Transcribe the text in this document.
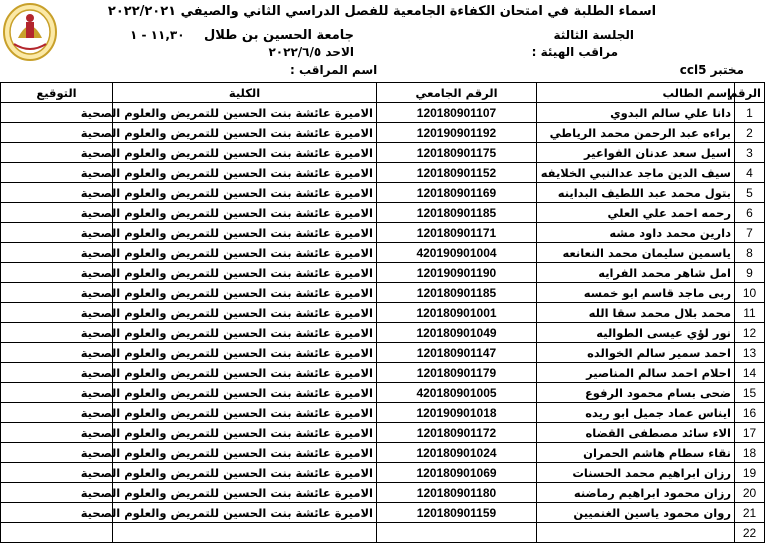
اسماء الطلبة في امتحان الكفاءة الجامعية للفصل الدراسي الثاني والصيفي ٢٠٢٢/٢٠٢١
جامعة الحسين بن طلال	الجلسة الثالثة
١١,٣٠ - ١
الاحد ٢٠٢٢/٦/٥	مراقب الهيئة :
مختبر ccl5
اسم المراقب :
الرقم	إسم الطالب	الرقم الجامعي	الكلية	التوقيع
1	دانا علي سالم البدوي	120180901107	الاميرة عائشة بنت الحسين للتمريض والعلوم الصحية	
2	براءه عبد الرحمن محمد الرياطي	120190901192	الاميرة عائشة بنت الحسين للتمريض والعلوم الصحية	
3	اسيل سعد عدنان الفواعير	120180901175	الاميرة عائشة بنت الحسين للتمريض والعلوم الصحية	
4	سيف الدين ماجد عدالنبي الخلايفه	120180901152	الاميرة عائشة بنت الحسين للتمريض والعلوم الصحية	
5	بتول محمد عبد اللطيف البداينه	120180901169	الاميرة عائشة بنت الحسين للتمريض والعلوم الصحية	
6	رحمه احمد علي العلي	120180901185	الاميرة عائشة بنت الحسين للتمريض والعلوم الصحية	
7	دارين محمد داود مشه	120180901171	الاميرة عائشة بنت الحسين للتمريض والعلوم الصحية	
8	ياسمين سليمان محمد النعانعه	420190901004	الاميرة عائشة بنت الحسين للتمريض والعلوم الصحية	
9	امل شاهر محمد الفرايه	120190901190	الاميرة عائشة بنت الحسين للتمريض والعلوم الصحية	
10	ربى ماجد قاسم ابو خمسه	120180901185	الاميرة عائشة بنت الحسين للتمريض والعلوم الصحية	
11	محمد بلال محمد سقا الله	120180901001	الاميرة عائشة بنت الحسين للتمريض والعلوم الصحية	
12	نور لؤي عيسى الطواليه	120180901049	الاميرة عائشة بنت الحسين للتمريض والعلوم الصحية	
13	احمد سمير سالم الخوالده	120180901147	الاميرة عائشة بنت الحسين للتمريض والعلوم الصحية	
14	احلام احمد سالم المناصير	120180901179	الاميرة عائشة بنت الحسين للتمريض والعلوم الصحية	
15	ضحى بسام محمود الرفوع	420180901005	الاميرة عائشة بنت الحسين للتمريض والعلوم الصحية	
16	ايناس عماد جميل ابو ريده	120190901018	الاميرة عائشة بنت الحسين للتمريض والعلوم الصحية	
17	الاء سائد مصطفى القضاه	120180901172	الاميرة عائشة بنت الحسين للتمريض والعلوم الصحية	
18	نقاء سطام هاشم الحمران	120180901024	الاميرة عائشة بنت الحسين للتمريض والعلوم الصحية	
19	رزان ابراهيم محمد الحسنات	120180901069	الاميرة عائشة بنت الحسين للتمريض والعلوم الصحية	
20	رزان محمود ابراهيم رماضنه	120180901180	الاميرة عائشة بنت الحسين للتمريض والعلوم الصحية	
21	روان محمود ياسين الغنميين	120180901159	الاميرة عائشة بنت الحسين للتمريض والعلوم الصحية	
22				
